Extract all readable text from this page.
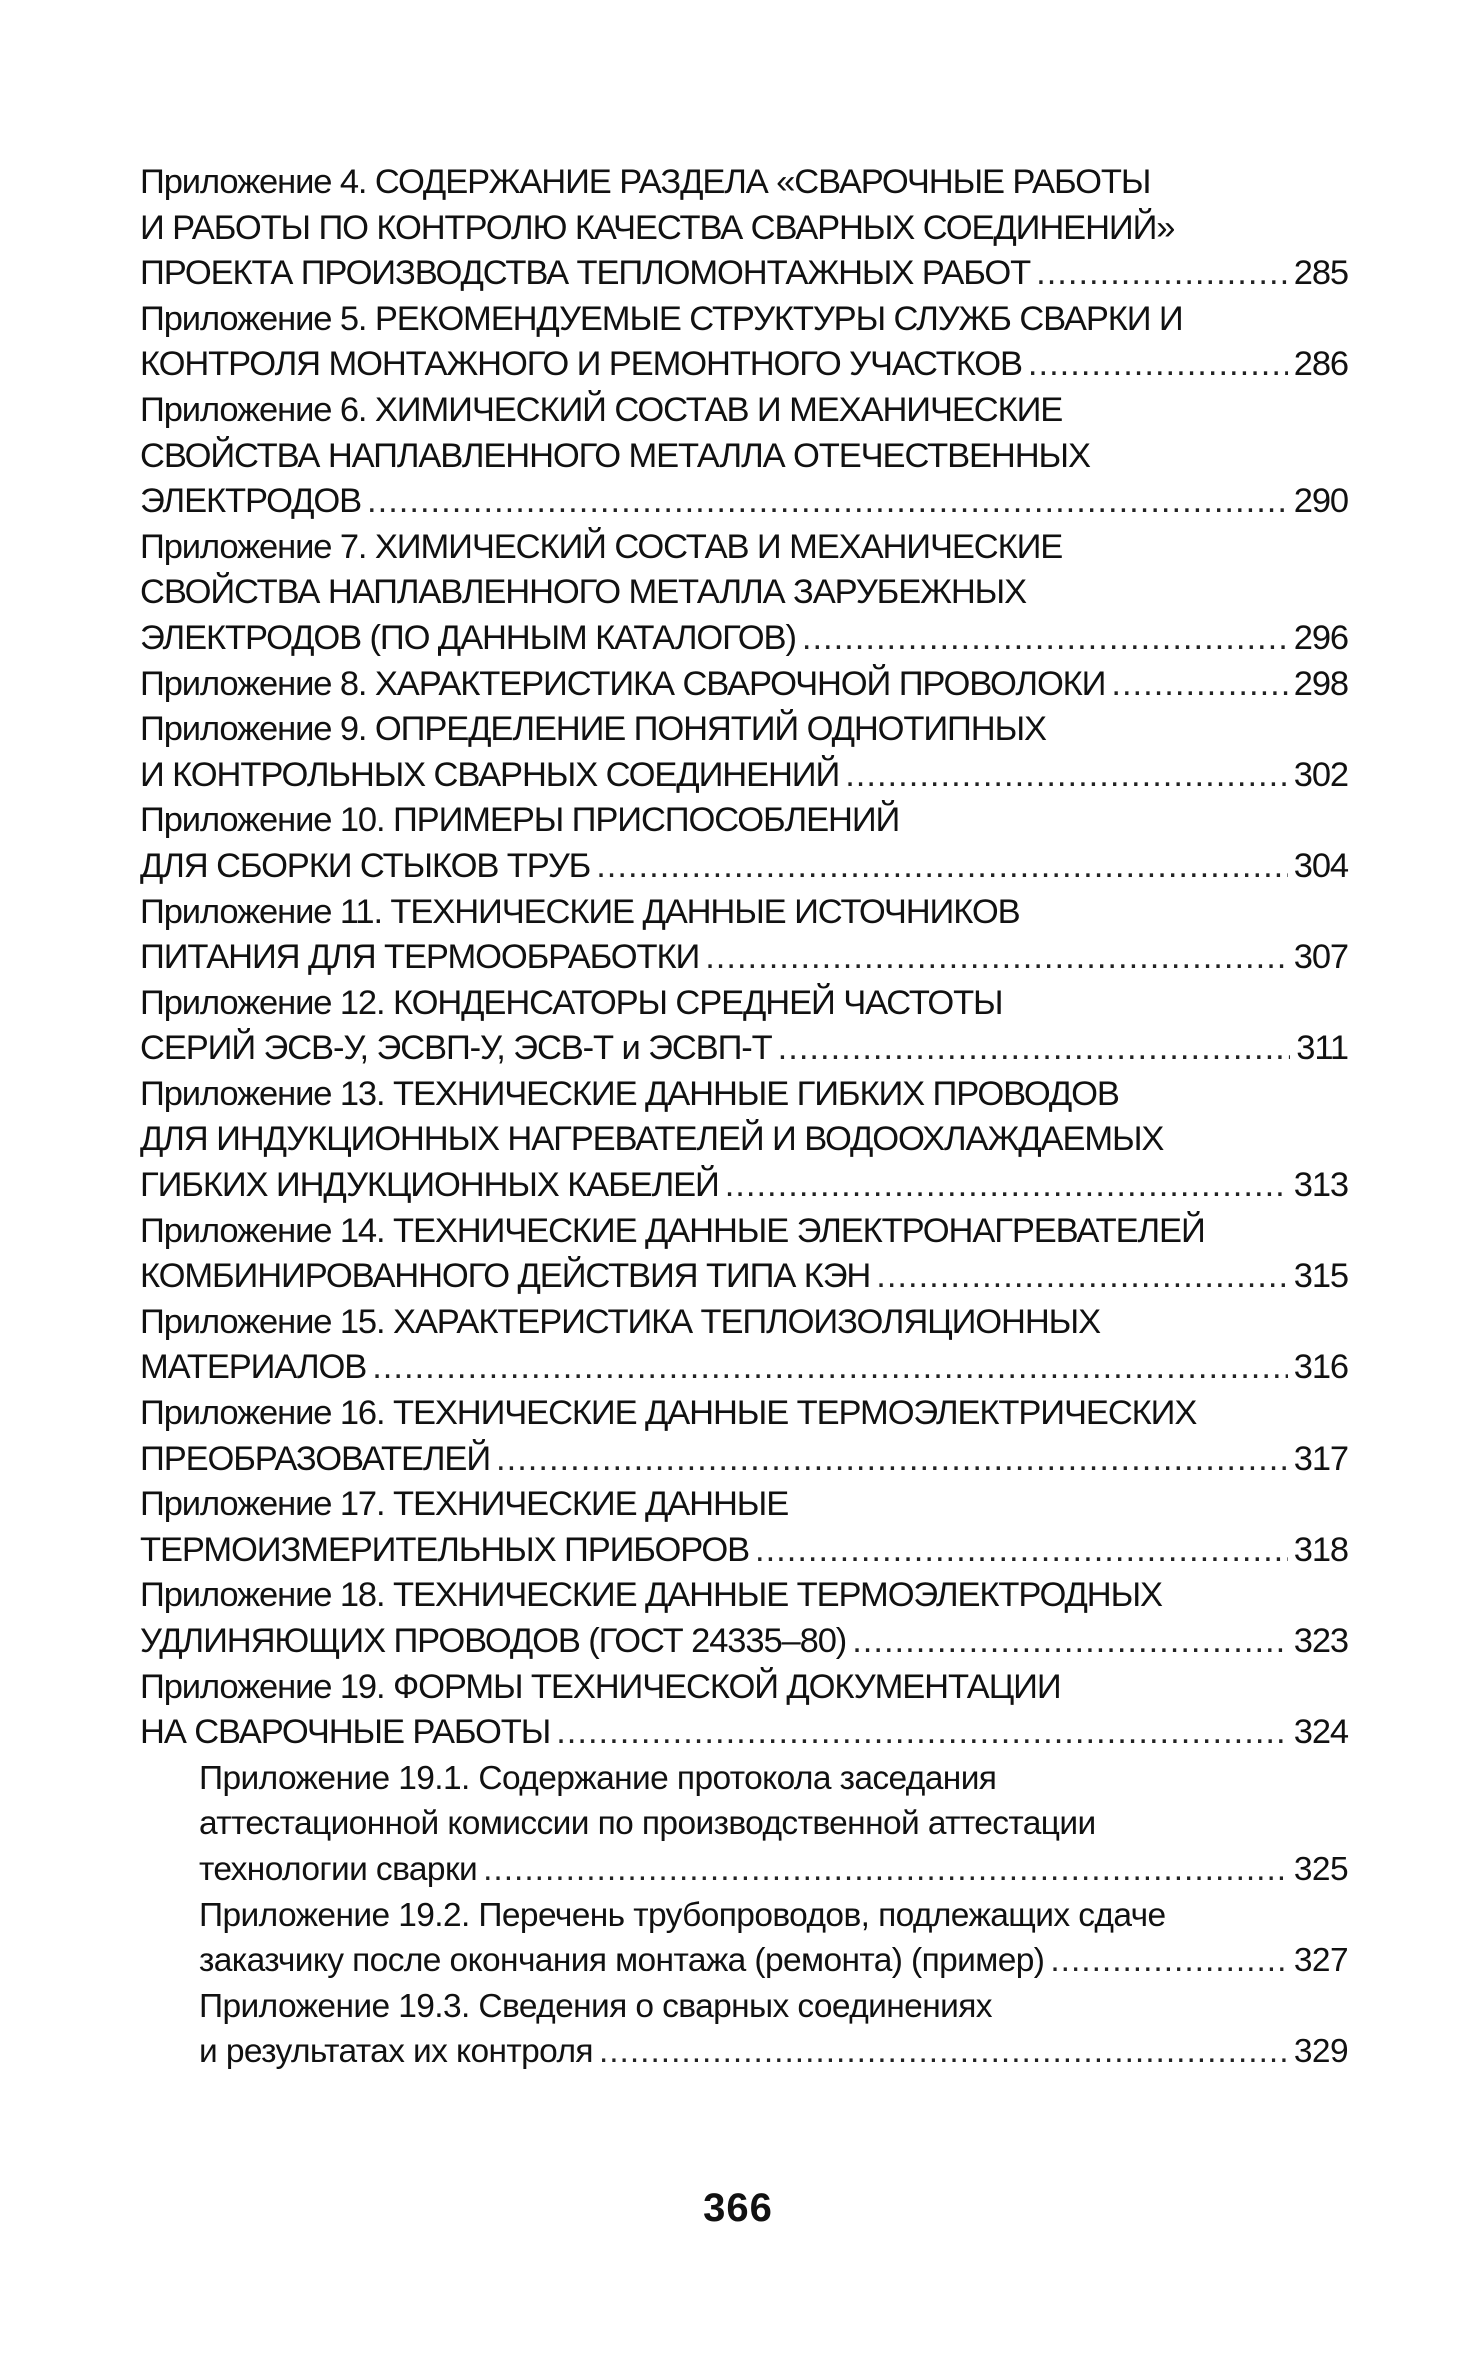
Приложение 4. СОДЕРЖАНИЕ РАЗДЕЛА «СВАРОЧНЫЕ РАБОТЫ
И РАБОТЫ ПО КОНТРОЛЮ КАЧЕСТВА СВАРНЫХ СОЕДИНЕНИЙ»
ПРОЕКТА ПРОИЗВОДСТВА ТЕПЛОМОНТАЖНЫХ РАБОТ .....	285
Приложение 5. РЕКОМЕНДУЕМЫЕ СТРУКТУРЫ СЛУЖБ СВАРКИ И
КОНТРОЛЯ МОНТАЖНОГО И РЕМОНТНОГО УЧАСТКОВ .....	286
Приложение 6. ХИМИЧЕСКИЙ СОСТАВ И МЕХАНИЧЕСКИЕ
СВОЙСТВА НАПЛАВЛЕННОГО МЕТАЛЛА ОТЕЧЕСТВЕННЫХ
ЭЛЕКТРОДОВ .....	290
Приложение 7. ХИМИЧЕСКИЙ СОСТАВ И МЕХАНИЧЕСКИЕ
СВОЙСТВА НАПЛАВЛЕННОГО МЕТАЛЛА ЗАРУБЕЖНЫХ
ЭЛЕКТРОДОВ (ПО ДАННЫМ КАТАЛОГОВ) .....	296
Приложение 8. ХАРАКТЕРИСТИКА СВАРОЧНОЙ ПРОВОЛОКИ .....	298
Приложение 9. ОПРЕДЕЛЕНИЕ ПОНЯТИЙ ОДНОТИПНЫХ
И КОНТРОЛЬНЫХ СВАРНЫХ СОЕДИНЕНИЙ .....	302
Приложение 10. ПРИМЕРЫ ПРИСПОСОБЛЕНИЙ
ДЛЯ СБОРКИ СТЫКОВ ТРУБ .....	304
Приложение 11. ТЕХНИЧЕСКИЕ ДАННЫЕ ИСТОЧНИКОВ
ПИТАНИЯ ДЛЯ ТЕРМООБРАБОТКИ .....	307
Приложение 12. КОНДЕНСАТОРЫ СРЕДНЕЙ ЧАСТОТЫ
СЕРИЙ ЭСВ-У, ЭСВП-У, ЭСВ-Т и ЭСВП-Т .....	311
Приложение 13. ТЕХНИЧЕСКИЕ ДАННЫЕ ГИБКИХ ПРОВОДОВ
ДЛЯ ИНДУКЦИОННЫХ НАГРЕВАТЕЛЕЙ И ВОДООХЛАЖДАЕМЫХ
ГИБКИХ ИНДУКЦИОННЫХ КАБЕЛЕЙ .....	313
Приложение 14. ТЕХНИЧЕСКИЕ ДАННЫЕ ЭЛЕКТРОНАГРЕВАТЕЛЕЙ
КОМБИНИРОВАННОГО ДЕЙСТВИЯ ТИПА КЭН .....	315
Приложение 15. ХАРАКТЕРИСТИКА ТЕПЛОИЗОЛЯЦИОННЫХ
МАТЕРИАЛОВ .....	316
Приложение 16. ТЕХНИЧЕСКИЕ ДАННЫЕ ТЕРМОЭЛЕКТРИЧЕСКИХ
ПРЕОБРАЗОВАТЕЛЕЙ .....	317
Приложение 17. ТЕХНИЧЕСКИЕ ДАННЫЕ
ТЕРМОИЗМЕРИТЕЛЬНЫХ ПРИБОРОВ .....	318
Приложение 18. ТЕХНИЧЕСКИЕ ДАННЫЕ ТЕРМОЭЛЕКТРОДНЫХ
УДЛИНЯЮЩИХ ПРОВОДОВ (ГОСТ 24335–80) .....	323
Приложение 19. ФОРМЫ ТЕХНИЧЕСКОЙ ДОКУМЕНТАЦИИ
НА СВАРОЧНЫЕ РАБОТЫ .....	324
Приложение 19.1. Содержание протокола заседания
аттестационной комиссии по производственной аттестации
технологии сварки .....	325
Приложение 19.2. Перечень трубопроводов, подлежащих сдаче
заказчику после окончания монтажа (ремонта) (пример) .....	327
Приложение 19.3. Сведения о сварных соединениях
и результатах их контроля .....	329
366
